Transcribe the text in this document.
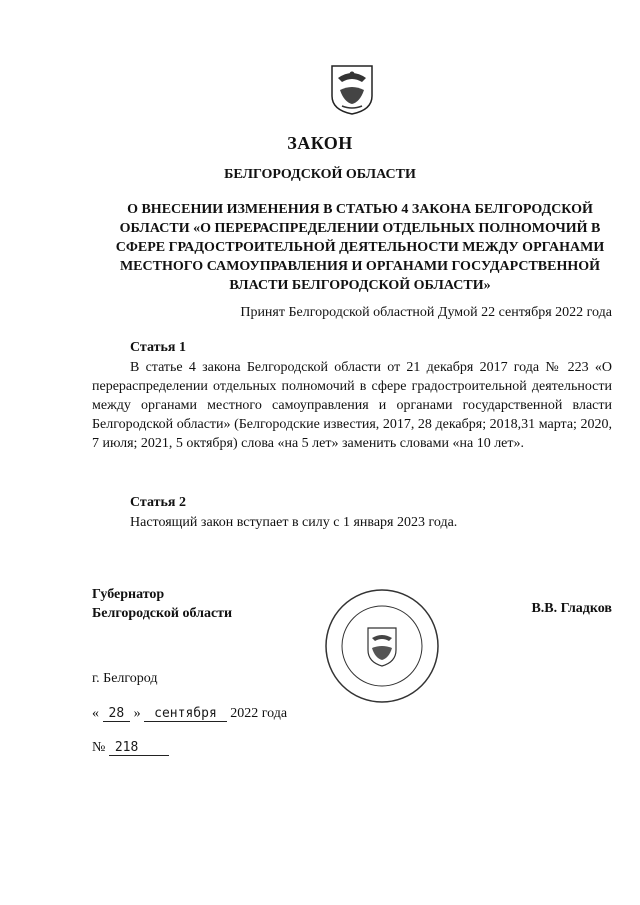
ЗАКОН
БЕЛГОРОДСКОЙ ОБЛАСТИ
О ВНЕСЕНИИ ИЗМЕНЕНИЯ В СТАТЬЮ 4 ЗАКОНА БЕЛГОРОДСКОЙ ОБЛАСТИ «О ПЕРЕРАСПРЕДЕЛЕНИИ ОТДЕЛЬНЫХ ПОЛНОМОЧИЙ В СФЕРЕ ГРАДОСТРОИТЕЛЬНОЙ ДЕЯТЕЛЬНОСТИ МЕЖДУ ОРГАНАМИ МЕСТНОГО САМОУПРАВЛЕНИЯ И ОРГАНАМИ ГОСУДАРСТВЕННОЙ ВЛАСТИ БЕЛГОРОДСКОЙ ОБЛАСТИ»
Принят Белгородской областной Думой 22 сентября 2022 года
Статья 1
В статье 4 закона Белгородской области от 21 декабря 2017 года № 223 «О перераспределении отдельных полномочий в сфере градостроительной деятельности между органами местного самоуправления и органами государственной власти Белгородской области» (Белгородские известия, 2017, 28 декабря; 2018,31 марта; 2020, 7 июля; 2021, 5 октября) слова «на 5 лет» заменить словами «на 10 лет».
Статья 2
Настоящий закон вступает в силу с 1 января 2023 года.
Губернатор
Белгородской области	В.В. Гладков
г. Белгород
« 28 » сентября 2022 года
№ 218
